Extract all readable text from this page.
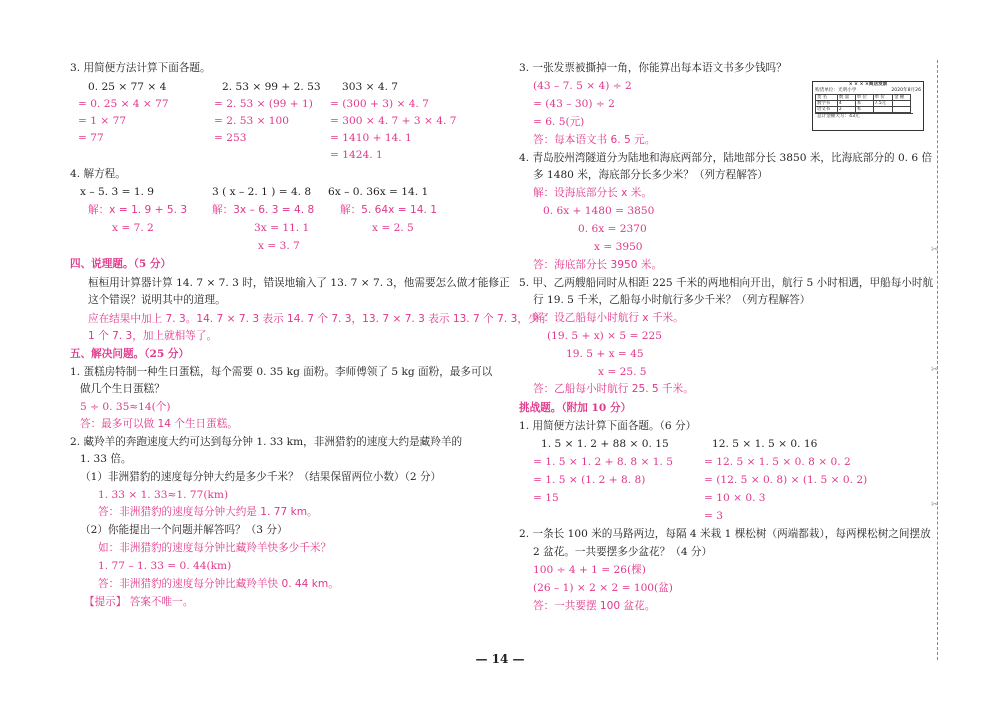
3. 用简便方法计算下面各题。
0. 25 × 77 × 4
= 0. 25 × 4 × 77
= 1 × 77
= 77
2. 53 × 99 + 2. 53
= 2. 53 × (99 + 1)
= 2. 53 × 100
= 253
303 × 4. 7
= (300 + 3) × 4. 7
= 300 × 4. 7 + 3 × 4. 7
= 1410 + 14. 1
= 1424. 1
4. 解方程。
x – 5. 3 = 1. 9
解：x = 1. 9 + 5. 3
x = 7. 2
3 ( x – 2. 1 ) = 4. 8
解：3x – 6. 3 = 4. 8
3x = 11. 1
x = 3. 7
6x – 0. 36x = 14. 1
解：5. 64x = 14. 1
x = 2. 5
四、说理题。（5 分）
桓桓用计算器计算 14. 7 × 7. 3 时，错误地输入了 13. 7 × 7. 3，他需要怎么做才能修正
这个错误？说明其中的道理。
应在结果中加上 7. 3。14. 7 × 7. 3 表示 14. 7 个 7. 3，13. 7 × 7. 3 表示 13. 7 个 7. 3，少了
1 个 7. 3，加上就相等了。
五、解决问题。（25 分）
1. 蛋糕房特制一种生日蛋糕，每个需要 0. 35 kg 面粉。李师傅领了 5 kg 面粉，最多可以
做几个生日蛋糕？
5 ÷ 0. 35≈14(个)
答：最多可以做 14 个生日蛋糕。
2. 藏羚羊的奔跑速度大约可达到每分钟 1. 33 km，非洲猎豹的速度大约是藏羚羊的
1. 33 倍。
（1）非洲猎豹的速度每分钟大约是多少千米？（结果保留两位小数）（2 分）
1. 33 × 1. 33≈1. 77(km)
答：非洲猎豹的速度每分钟大约是 1. 77 km。
（2）你能提出一个问题并解答吗？（3 分）
如：非洲猎豹的速度每分钟比藏羚羊快多少千米？
1. 77 – 1. 33 = 0. 44(km)
答：非洲猎豹的速度每分钟比藏羚羊快 0. 44 km。
【提示】 答案不唯一。
3. 一张发票被撕掉一角，你能算出每本语文书多少钱吗？
(43 – 7. 5 × 4) ÷ 2
= (43 – 30) ÷ 2
= 6. 5(元)
答：每本语文书 6. 5 元。
× × × ×商店发票
购货单位：光明小学	2020年8月26
货 名	数 量	单 位	单 价	金 额
数学书	4	本	7.5元	
语文书	2	本		
总计金额大写：43元
4. 青岛胶州湾隧道分为陆地和海底两部分，陆地部分长 3850 米，比海底部分的 0. 6 倍
多 1480 米，海底部分长多少米？（列方程解答）
解：设海底部分长 x 米。
0. 6x + 1480 = 3850
0. 6x = 2370
x = 3950
答：海底部分长 3950 米。
5. 甲、乙两艘船同时从相距 225 千米的两地相向开出，航行 5 小时相遇，甲船每小时航
行 19. 5 千米，乙船每小时航行多少千米？（列方程解答）
解：设乙船每小时航行 x 千米。
(19. 5 + x) × 5 = 225
19. 5 + x = 45
x = 25. 5
答：乙船每小时航行 25. 5 千米。
挑战题。（附加 10 分）
1. 用简便方法计算下面各题。（6 分）
1. 5 × 1. 2 + 88 × 0. 15
= 1. 5 × 1. 2 + 8. 8 × 1. 5
= 1. 5 × (1. 2 + 8. 8)
= 15
12. 5 × 1. 5 × 0. 16
= 12. 5 × 1. 5 × 0. 8 × 0. 2
= (12. 5 × 0. 8) × (1. 5 × 0. 2)
= 10 × 0. 3
= 3
2. 一条长 100 米的马路两边，每隔 4 米栽 1 棵松树（两端都栽），每两棵松树之间摆放
2 盆花。一共要摆多少盆花？（4 分）
100 ÷ 4 + 1 = 26(棵)
(26 – 1) × 2 × 2 = 100(盆)
答：一共要摆 100 盆花。
✂
✂
✂
— 14 —
